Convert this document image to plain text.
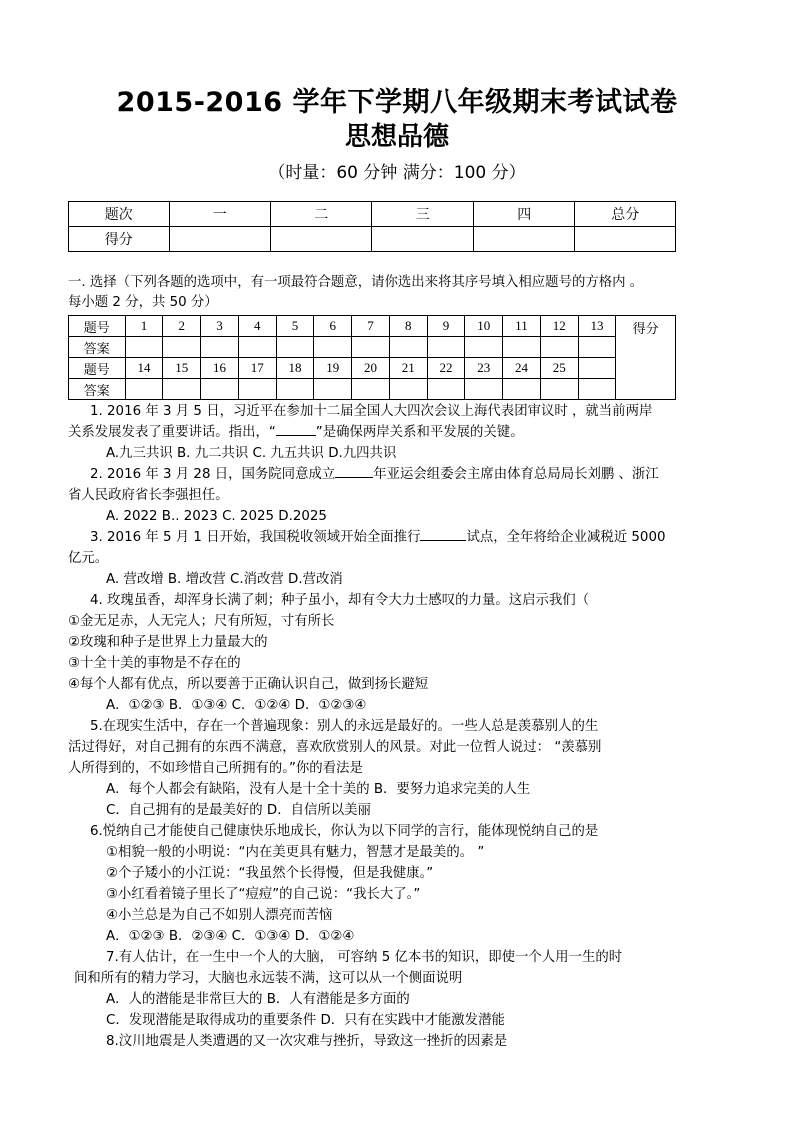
2015-2016 学年下学期八年级期末考试试卷
思想品德
（时量：60 分钟 满分：100 分）
题次	一	二	三	四	总分
得分					
一. 选择（下列各题的选项中，有一项最符合题意，请你选出来将其序号填入相应题号的方格内 。
每小题 2 分，共 50 分）
题号	1	2	3	4	5	6	7	8	9	10	11	12	13	得分
答案														
题号	14	15	16	17	18	19	20	21	22	23	24	25		
答案														
1. 2016 年 3 月 5 日，习近平在参加十二届全国人大四次会议上海代表团审议时 ，就当前两岸
关系发展发表了重要讲话。指出，“	”是确保两岸关系和平发展的关键。
A.九三共识 B. 九二共识 C. 九五共识 D.九四共识
2. 2016 年 3 月 28 日，国务院同意成立	年亚运会组委会主席由体育总局局长刘鹏 、浙江
省人民政府省长李强担任。
A. 2022 B.. 2023 C. 2025 D.2025
3. 2016 年 5 月 1 日开始，我国税收领域开始全面推行	试点，全年将给企业减税近 5000
亿元。
A. 营改增 B. 增改营 C.消改营 D.营改消
4. 玫瑰虽香，却浑身长满了刺；种子虽小，却有令大力士感叹的力量。这启示我们（
①金无足赤，人无完人；尺有所短，寸有所长
②玫瑰和种子是世界上力量最大的
③十全十美的事物是不存在的
④每个人都有优点，所以要善于正确认识自己，做到扬长避短
A．①②③ B．①③④ C．①②④ D．①②③④
5.在现实生活中，存在一个普遍现象：别人的永远是最好的。一些人总是羡慕别人的生
活过得好，对自己拥有的东西不满意，喜欢欣赏别人的风景。对此一位哲人说过： “羡慕别
人所得到的，不如珍惜自己所拥有的。”你的看法是
A．每个人都会有缺陷，没有人是十全十美的 B．要努力追求完美的人生
C．自己拥有的是最美好的 D．自信所以美丽
6.悦纳自己才能使自己健康快乐地成长，你认为以下同学的言行，能体现悦纳自己的是
①相貌一般的小明说：“内在美更具有魅力，智慧才是最美的。 ”
②个子矮小的小江说：“我虽然个长得慢，但是我健康。”
③小红看着镜子里长了“痘痘”的自己说：“我长大了。”
④小兰总是为自己不如别人漂亮而苦恼
A．①②③ B．②③④ C．①③④ D．①②④
7.有人估计，在一生中一个人的大脑， 可容纳 5 亿本书的知识，即使一个人用一生的时
间和所有的精力学习，大脑也永远装不满，这可以从一个侧面说明
A．人的潜能是非常巨大的 B．人有潜能是多方面的
C．发现潜能是取得成功的重要条件 D．只有在实践中才能激发潜能
8.汶川地震是人类遭遇的又一次灾难与挫折，导致这一挫折的因素是
